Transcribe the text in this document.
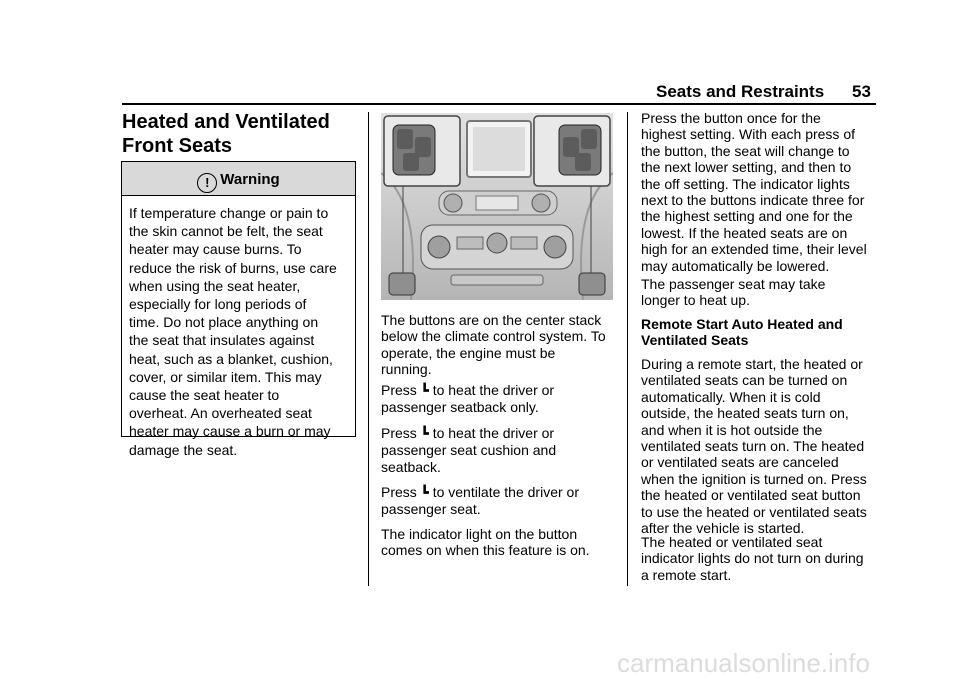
Seats and Restraints 53
Heated and Ventilated
Front Seats
! Warning
If temperature change or pain to
the skin cannot be felt, the seat
heater may cause burns. To
reduce the risk of burns, use care
when using the seat heater,
especially for long periods of
time. Do not place anything on
the seat that insulates against
heat, such as a blanket, cushion,
cover, or similar item. This may
cause the seat heater to
overheat. An overheated seat
heater may cause a burn or may
damage the seat.
The buttons are on the center stack
below the climate control system. To
operate, the engine must be
running.
Press ┗ to heat the driver or
passenger seatback only.
Press ┗ to heat the driver or
passenger seat cushion and
seatback.
Press ┗ to ventilate the driver or
passenger seat.
The indicator light on the button
comes on when this feature is on.
Press the button once for the
highest setting. With each press of
the button, the seat will change to
the next lower setting, and then to
the off setting. The indicator lights
next to the buttons indicate three for
the highest setting and one for the
lowest. If the heated seats are on
high for an extended time, their level
may automatically be lowered.
The passenger seat may take
longer to heat up.
Remote Start Auto Heated and
Ventilated Seats
During a remote start, the heated or
ventilated seats can be turned on
automatically. When it is cold
outside, the heated seats turn on,
and when it is hot outside the
ventilated seats turn on. The heated
or ventilated seats are canceled
when the ignition is turned on. Press
the heated or ventilated seat button
to use the heated or ventilated seats
after the vehicle is started.
The heated or ventilated seat
indicator lights do not turn on during
a remote start.
carmanualsonline.info
